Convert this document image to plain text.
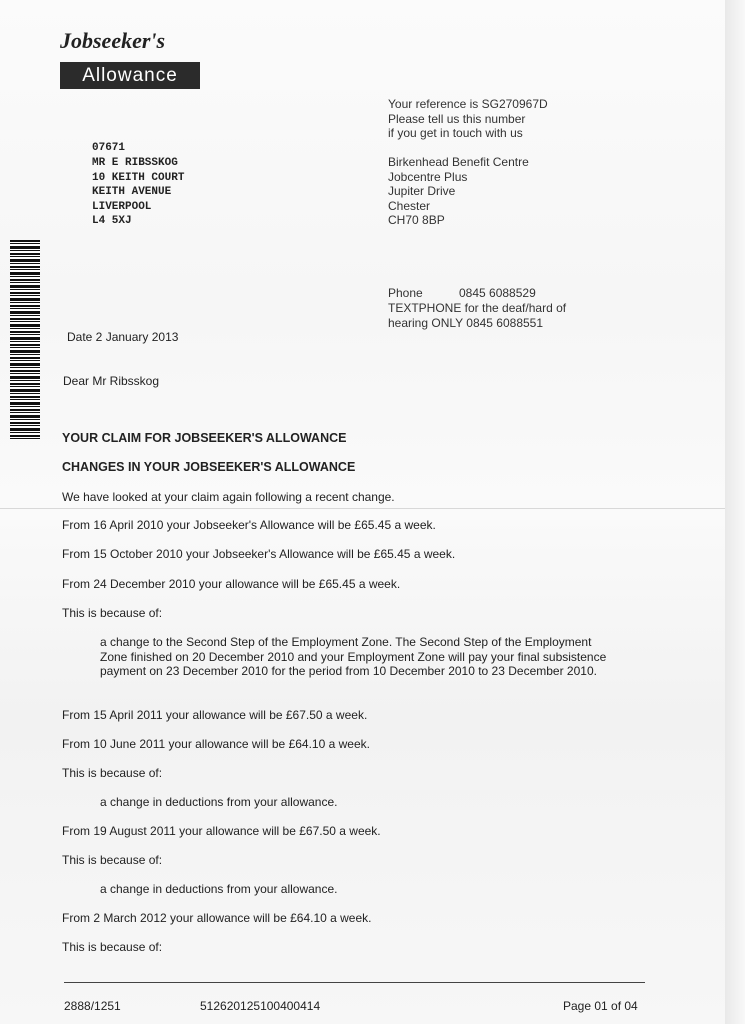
Jobseeker's
Allowance
07671
MR E RIBSSKOG
10 KEITH COURT
KEITH AVENUE
LIVERPOOL
L4 5XJ
Your reference is SG270967D
Please tell us this number
if you get in touch with us
Birkenhead Benefit Centre
Jobcentre Plus
Jupiter Drive
Chester
CH70 8BP
Phone	0845 6088529
TEXTPHONE for the deaf/hard of
hearing ONLY 0845 6088551
Date 2 January 2013
Dear Mr Ribsskog
YOUR CLAIM FOR JOBSEEKER'S ALLOWANCE
CHANGES IN YOUR JOBSEEKER'S ALLOWANCE
We have looked at your claim again following a recent change.
From 16 April 2010 your Jobseeker's Allowance will be £65.45 a week.
From 15 October 2010 your Jobseeker's Allowance will be £65.45 a week.
From 24 December 2010 your allowance will be £65.45 a week.
This is because of:
a change to the Second Step of the Employment Zone. The Second Step of the Employment Zone finished on 20 December 2010 and your Employment Zone will pay your final subsistence payment on 23 December 2010 for the period from 10 December 2010 to 23 December 2010.
From 15 April 2011 your allowance will be £67.50 a week.
From 10 June 2011 your allowance will be £64.10 a week.
This is because of:
a change in deductions from your allowance.
From 19 August 2011 your allowance will be £67.50 a week.
This is because of:
a change in deductions from your allowance.
From 2 March 2012 your allowance will be £64.10 a week.
This is because of:
2888/1251	512620125100400414	Page 01 of 04
